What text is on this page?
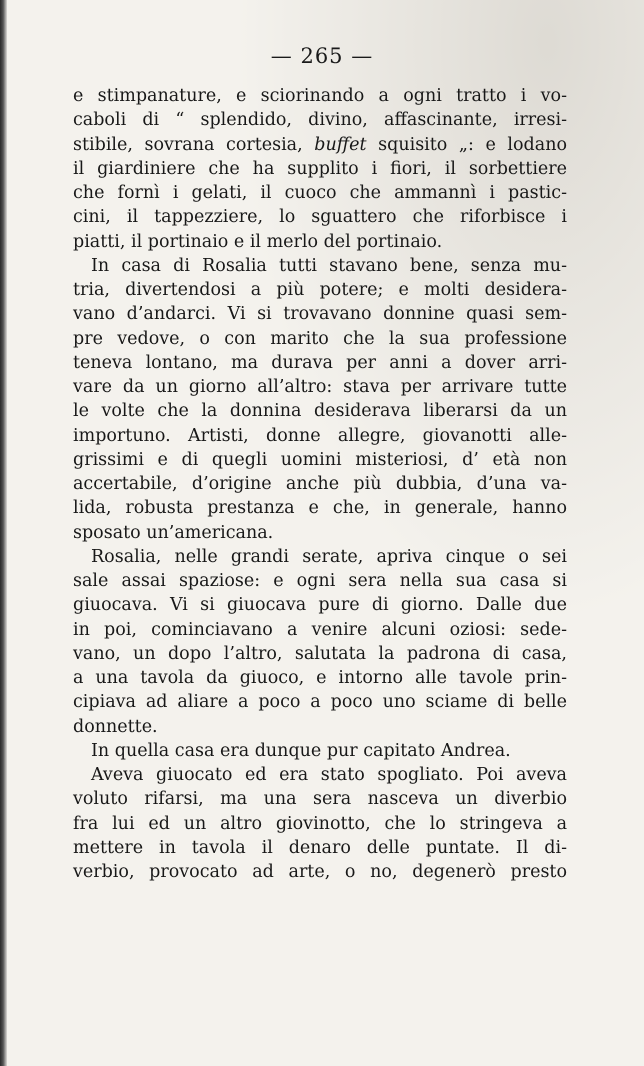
— 265 —
e stimpanature, e sciorinando a ogni tratto i vo-
caboli di “ splendido, divino, affascinante, irresi-
stibile, sovrana cortesia, buffet squisito „: e lodano
il giardiniere che ha supplito i fiori, il sorbettiere
che fornì i gelati, il cuoco che ammannì i pastic-
cini, il tappezziere, lo sguattero che riforbisce i
piatti, il portinaio e il merlo del portinaio.
In casa di Rosalia tutti stavano bene, senza mu-
tria, divertendosi a più potere; e molti desidera-
vano d’andarci. Vi si trovavano donnine quasi sem-
pre vedove, o con marito che la sua professione
teneva lontano, ma durava per anni a dover arri-
vare da un giorno all’altro: stava per arrivare tutte
le volte che la donnina desiderava liberarsi da un
importuno. Artisti, donne allegre, giovanotti alle-
grissimi e di quegli uomini misteriosi, d’ età non
accertabile, d’origine anche più dubbia, d’una va-
lida, robusta prestanza e che, in generale, hanno
sposato un’americana.
Rosalia, nelle grandi serate, apriva cinque o sei
sale assai spaziose: e ogni sera nella sua casa si
giuocava. Vi si giuocava pure di giorno. Dalle due
in poi, cominciavano a venire alcuni oziosi: sede-
vano, un dopo l’altro, salutata la padrona di casa,
a una tavola da giuoco, e intorno alle tavole prin-
cipiava ad aliare a poco a poco uno sciame di belle
donnette.
In quella casa era dunque pur capitato Andrea.
Aveva giuocato ed era stato spogliato. Poi aveva
voluto rifarsi, ma una sera nasceva un diverbio
fra lui ed un altro giovinotto, che lo stringeva a
mettere in tavola il denaro delle puntate. Il di-
verbio, provocato ad arte, o no, degenerò presto
